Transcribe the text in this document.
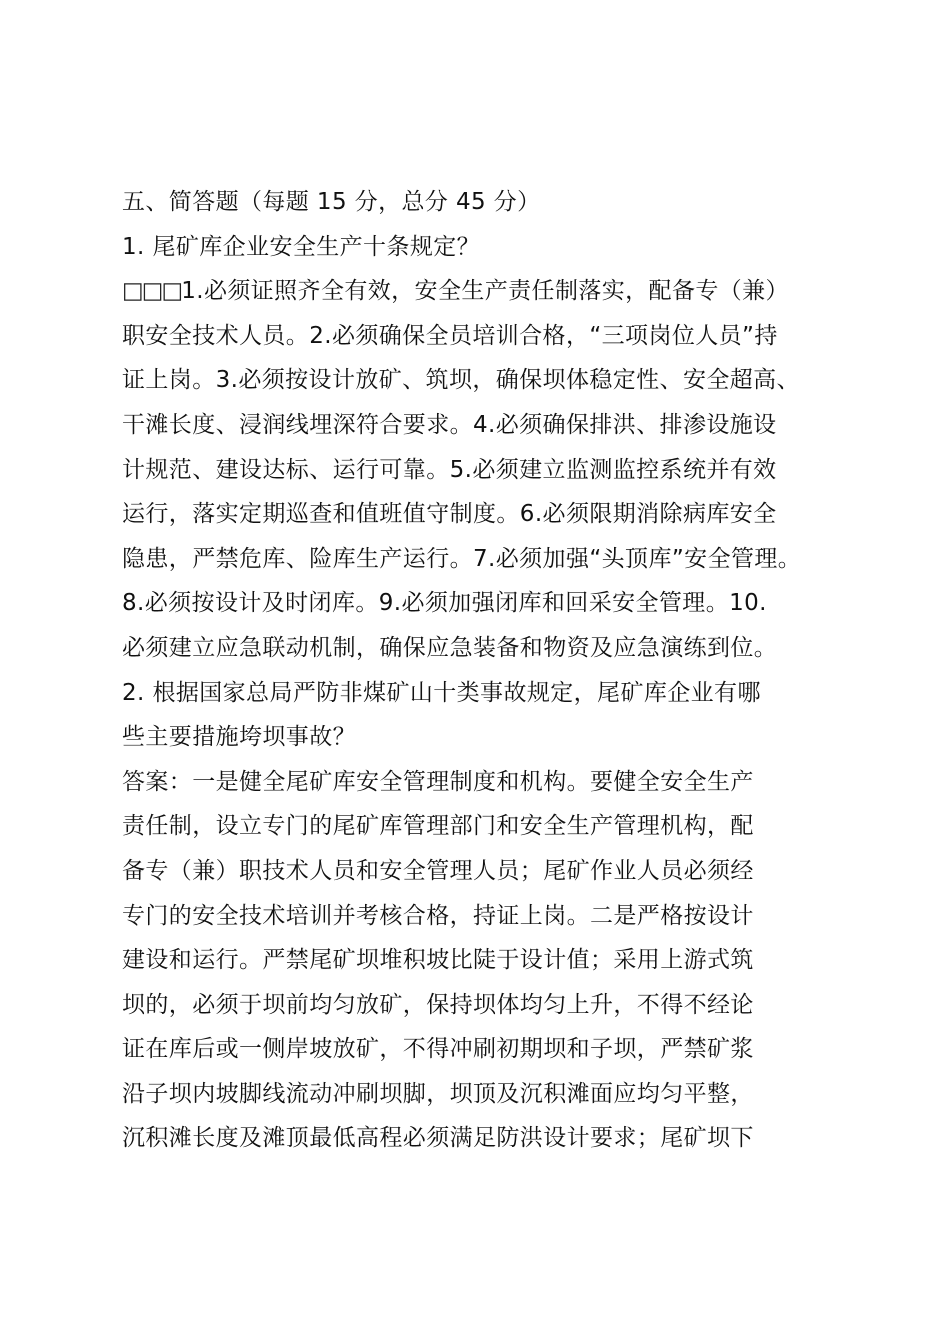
五、简答题（每题 15 分，总分 45 分）
1. 尾矿库企业安全生产十条规定？
□□□1.必须证照齐全有效，安全生产责任制落实，配备专（兼）
职安全技术人员。2.必须确保全员培训合格，“三项岗位人员”持
证上岗。3.必须按设计放矿、筑坝，确保坝体稳定性、安全超高、
干滩长度、浸润线埋深符合要求。4.必须确保排洪、排渗设施设
计规范、建设达标、运行可靠。5.必须建立监测监控系统并有效
运行，落实定期巡查和值班值守制度。6.必须限期消除病库安全
隐患，严禁危库、险库生产运行。7.必须加强“头顶库”安全管理。
8.必须按设计及时闭库。9.必须加强闭库和回采安全管理。10.
必须建立应急联动机制，确保应急装备和物资及应急演练到位。
2. 根据国家总局严防非煤矿山十类事故规定，尾矿库企业有哪
些主要措施垮坝事故？
答案：一是健全尾矿库安全管理制度和机构。要健全安全生产
责任制，设立专门的尾矿库管理部门和安全生产管理机构，配
备专（兼）职技术人员和安全管理人员；尾矿作业人员必须经
专门的安全技术培训并考核合格，持证上岗。二是严格按设计
建设和运行。严禁尾矿坝堆积坡比陡于设计值；采用上游式筑
坝的，必须于坝前均匀放矿，保持坝体均匀上升，不得不经论
证在库后或一侧岸坡放矿，不得冲刷初期坝和子坝，严禁矿浆
沿子坝内坡脚线流动冲刷坝脚，坝顶及沉积滩面应均匀平整，
沉积滩长度及滩顶最低高程必须满足防洪设计要求；尾矿坝下
